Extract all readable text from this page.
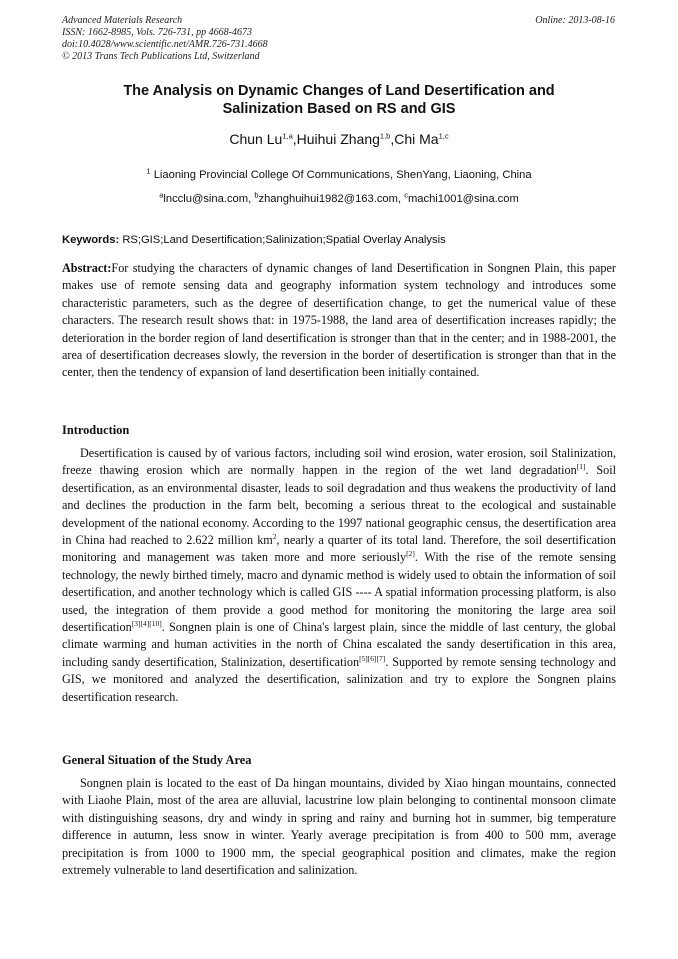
Advanced Materials Research
ISSN: 1662-8985, Vols. 726-731, pp 4668-4673
doi:10.4028/www.scientific.net/AMR.726-731.4668
© 2013 Trans Tech Publications Ltd, Switzerland
Online: 2013-08-16
The Analysis on Dynamic Changes of Land Desertification and
Salinization Based on RS and GIS
Chun Lu$^{1,a}$,Huihui Zhang$^{1,b}$,Chi Ma$^{1,c}$
$^1$ Liaoning Provincial College Of Communications, ShenYang, Liaoning, China
$^a$lncclu@sina.com, $^b$zhanghuihui1982@163.com, $^c$machi1001@sina.com
Keywords: RS;GIS;Land Desertification;Salinization;Spatial Overlay Analysis
Abstract:For studying the characters of dynamic changes of land Desertification in Songnen Plain, this paper makes use of remote sensing data and geography information system technology and introduces some characteristic parameters, such as the degree of desertification change, to get the numerical value of these characters. The research result shows that: in 1975-1988, the land area of desertification increases rapidly; the deterioration in the border region of land desertification is stronger than that in the center; and in 1988-2001, the area of desertification decreases slowly, the reversion in the border of desertification is stronger than that in the center, then the tendency of expansion of land desertification been initially contained.
Introduction
Desertification is caused by of various factors, including soil wind erosion, water erosion, soil Stalinization, freeze thawing erosion which are normally happen in the region of the wet land degradation[1]. Soil desertification, as an environmental disaster, leads to soil degradation and thus weakens the productivity of land and declines the production in the farm belt, becoming a serious threat to the ecological and sustainable development of the national economy. According to the 1997 national geographic census, the desertification area in China had reached to 2.622 million km$^2$, nearly a quarter of its total land. Therefore, the soil desertification monitoring and management was taken more and more seriously[2]. With the rise of the remote sensing technology, the newly birthed timely, macro and dynamic method is widely used to obtain the information of soil desertification, and another technology which is called GIS ---- A spatial information processing platform, is also used, the integration of them provide a good method for monitoring the monitoring the large area soil desertification[3][4][10]. Songnen plain is one of China's largest plain, since the middle of last century, the global climate warming and human activities in the north of China escalated the sandy desertification in this area, including sandy desertification, Stalinization, desertification[5][6][7]. Supported by remote sensing technology and GIS, we monitored and analyzed the desertification, salinization and try to explore the Songnen plains desertification research.
General Situation of the Study Area
Songnen plain is located to the east of Da hingan mountains, divided by Xiao hingan mountains, connected with Liaohe Plain, most of the area are alluvial, lacustrine low plain belonging to continental monsoon climate with distinguishing seasons, dry and windy in spring and rainy and burning hot in summer, big temperature difference in autumn, less snow in winter. Yearly average precipitation is from 400 to 500 mm, average precipitation is from 1000 to 1900 mm, the special geographical position and climates, make the region extremely vulnerable to land desertification and salinization.
